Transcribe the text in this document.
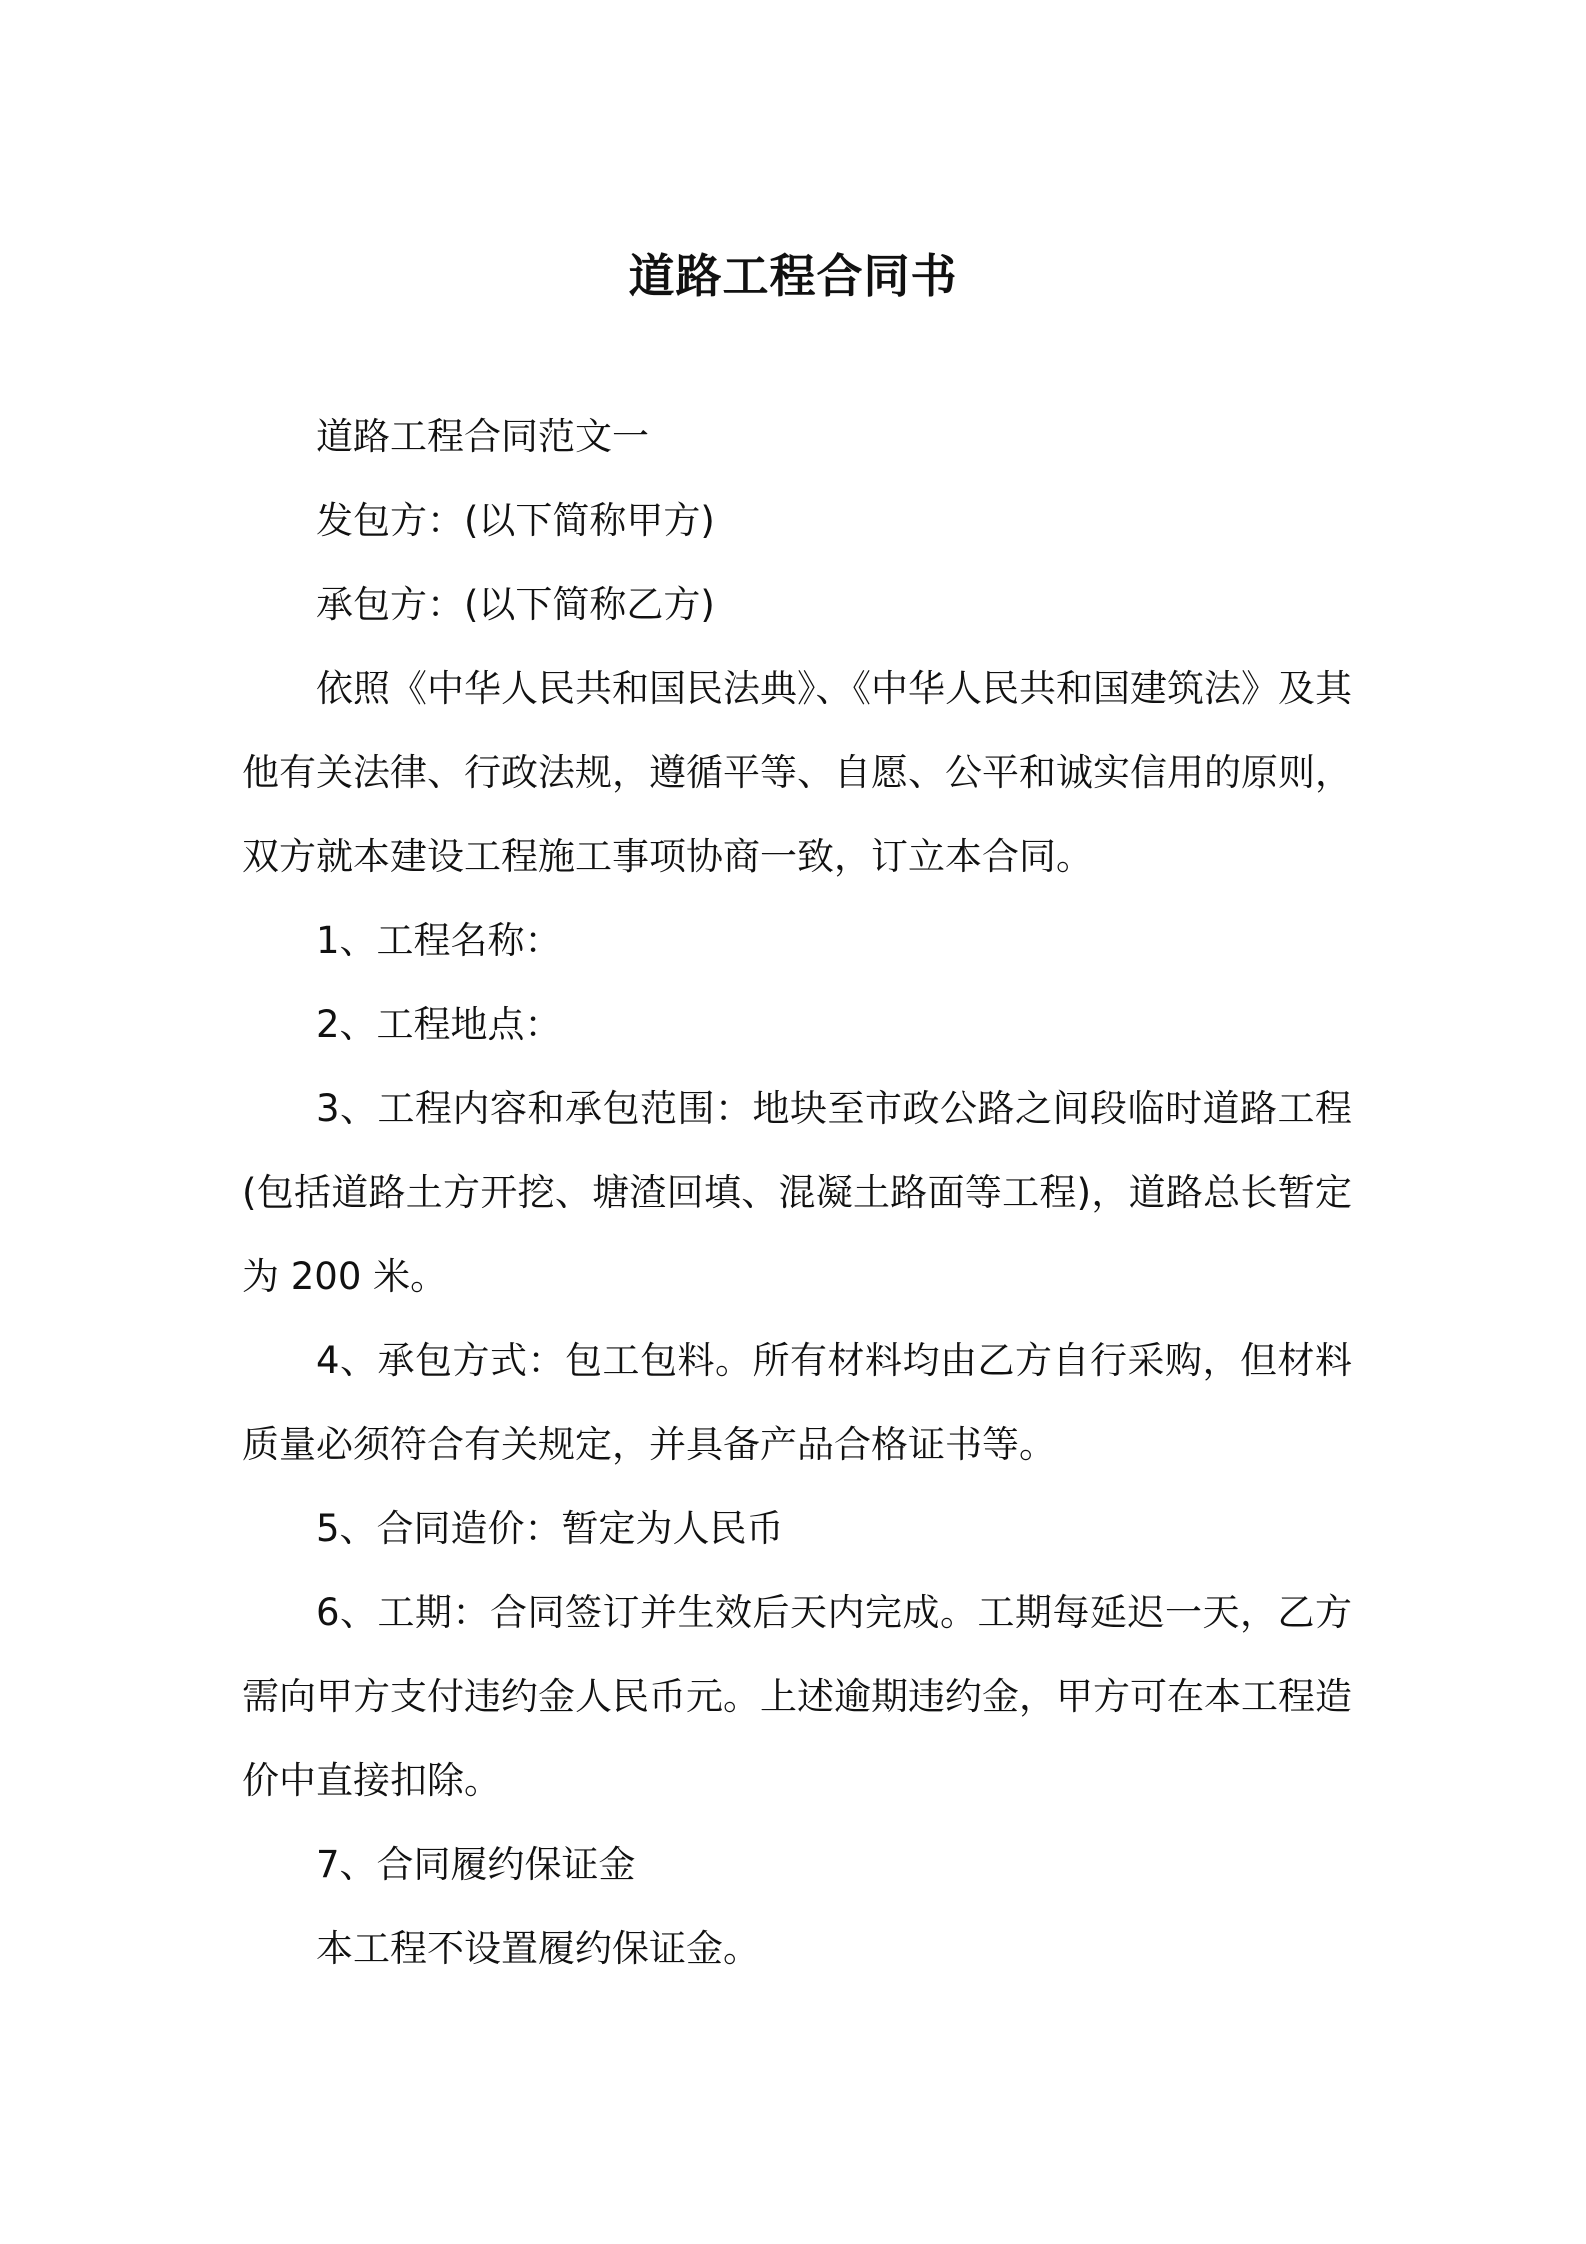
道路工程合同书

道路工程合同范文一

发包方：(以下简称甲方)

承包方：(以下简称乙方)

依照《中华人民共和国民法典》、《中华人民共和国建筑法》及其他有关法律、行政法规，遵循平等、自愿、公平和诚实信用的原则，双方就本建设工程施工事项协商一致，订立本合同。

1、工程名称：

2、工程地点：

3、工程内容和承包范围：地块至市政公路之间段临时道路工程(包括道路土方开挖、塘渣回填、混凝土路面等工程)，道路总长暂定为 200 米。

4、承包方式：包工包料。所有材料均由乙方自行采购，但材料质量必须符合有关规定，并具备产品合格证书等。

5、合同造价：暂定为人民币

6、工期：合同签订并生效后天内完成。工期每延迟一天，乙方需向甲方支付违约金人民币元。上述逾期违约金，甲方可在本工程造价中直接扣除。

7、合同履约保证金

本工程不设置履约保证金。
